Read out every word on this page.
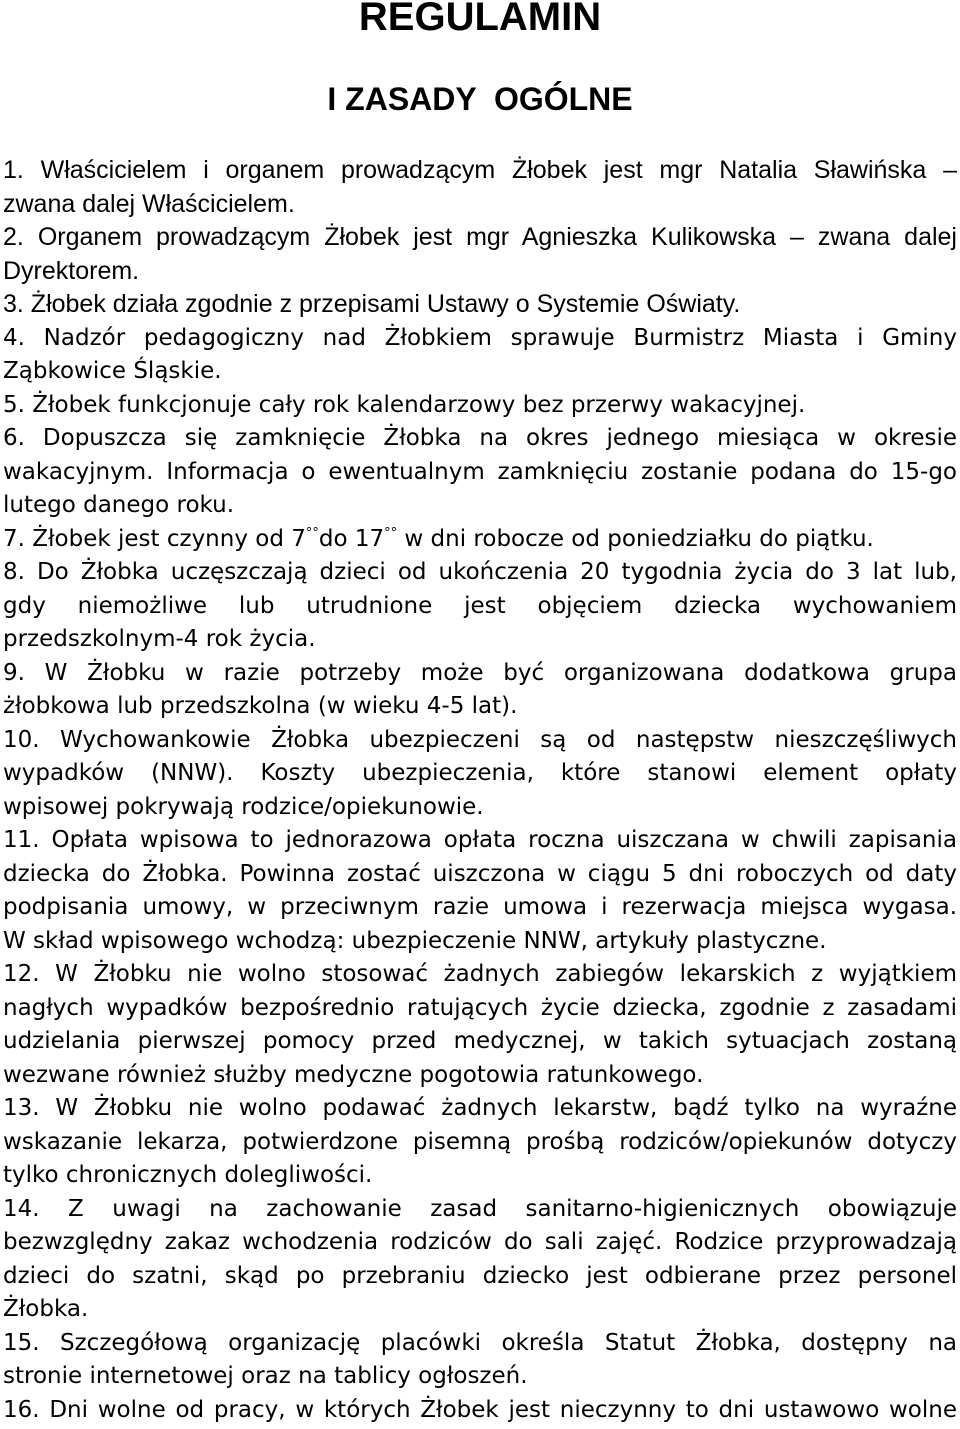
REGULAMIN
I ZASADY  OGÓLNE
1. Właścicielem i organem prowadzącym Żłobek jest mgr Natalia Sławińska –
zwana dalej Właścicielem.
2. Organem prowadzącym Żłobek jest mgr Agnieszka Kulikowska – zwana dalej
Dyrektorem.
3. Żłobek działa zgodnie z przepisami Ustawy o Systemie Oświaty.
4. Nadzór pedagogiczny nad Żłobkiem sprawuje Burmistrz Miasta i Gminy
Ząbkowice Śląskie.
5. Żłobek funkcjonuje cały rok kalendarzowy bez przerwy wakacyjnej.
6. Dopuszcza się zamknięcie Żłobka na okres jednego miesiąca w okresie
wakacyjnym. Informacja o ewentualnym zamknięciu zostanie podana do 15-go
lutego danego roku.
7. Żłobek jest czynny od 7°°do 17°° w dni robocze od poniedziałku do piątku.
8. Do Żłobka uczęszczają dzieci od ukończenia 20 tygodnia życia do 3 lat lub,
gdy niemożliwe lub utrudnione jest objęciem dziecka wychowaniem
przedszkolnym-4 rok życia.
9. W Żłobku w razie potrzeby może być organizowana dodatkowa grupa
żłobkowa lub przedszkolna (w wieku 4-5 lat).
10. Wychowankowie Żłobka ubezpieczeni są od następstw nieszczęśliwych
wypadków (NNW). Koszty ubezpieczenia, które stanowi element opłaty
wpisowej pokrywają rodzice/opiekunowie.
11. Opłata wpisowa to jednorazowa opłata roczna uiszczana w chwili zapisania
dziecka do Żłobka. Powinna zostać uiszczona w ciągu 5 dni roboczych od daty
podpisania umowy, w przeciwnym razie umowa i rezerwacja miejsca wygasa.
W skład wpisowego wchodzą: ubezpieczenie NNW, artykuły plastyczne.
12. W Żłobku nie wolno stosować żadnych zabiegów lekarskich z wyjątkiem
nagłych wypadków bezpośrednio ratujących życie dziecka, zgodnie z zasadami
udzielania pierwszej pomocy przed medycznej, w takich sytuacjach zostaną
wezwane również służby medyczne pogotowia ratunkowego.
13. W Żłobku nie wolno podawać żadnych lekarstw, bądź tylko na wyraźne
wskazanie lekarza, potwierdzone pisemną prośbą rodziców/opiekunów dotyczy
tylko chronicznych dolegliwości.
14. Z uwagi na zachowanie zasad sanitarno-higienicznych obowiązuje
bezwzględny zakaz wchodzenia rodziców do sali zajęć. Rodzice przyprowadzają
dzieci do szatni, skąd po przebraniu dziecko jest odbierane przez personel
Żłobka.
15. Szczegółową organizację placówki określa Statut Żłobka, dostępny na
stronie internetowej oraz na tablicy ogłoszeń.
16. Dni wolne od pracy, w których Żłobek jest nieczynny to dni ustawowo wolne
